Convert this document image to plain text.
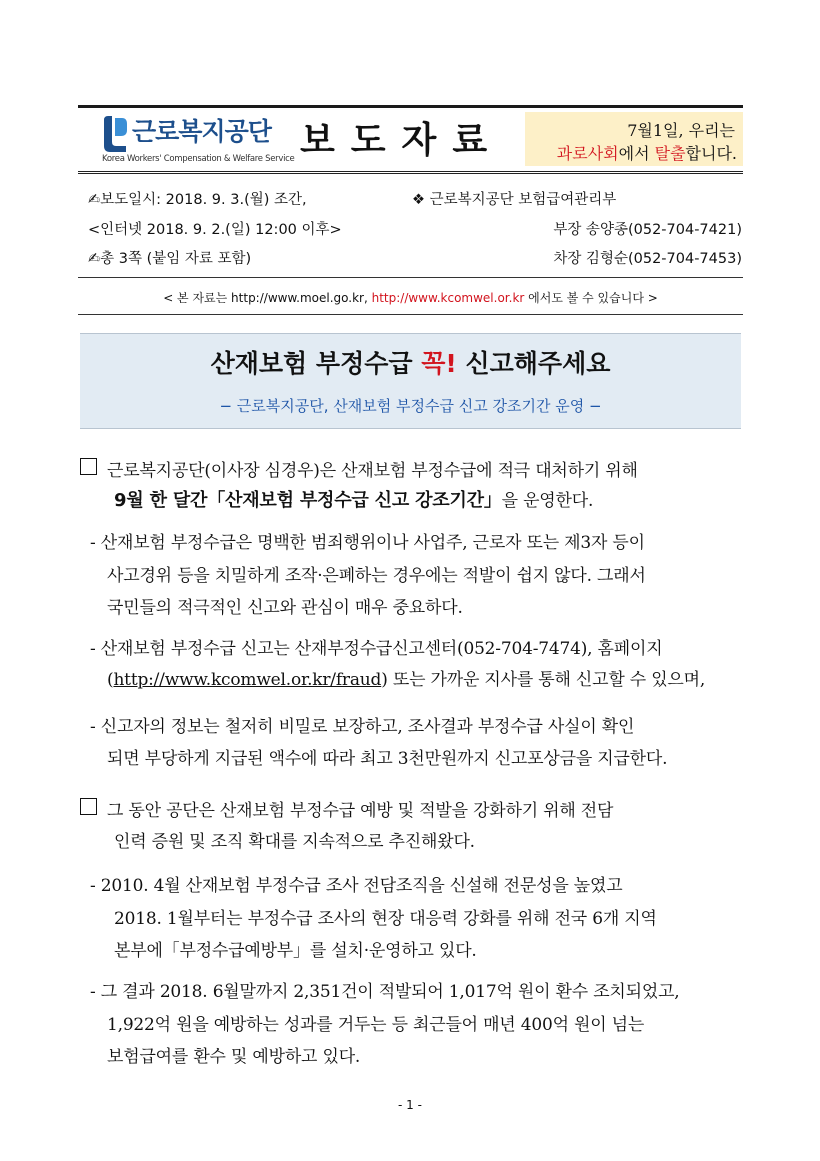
근로복지공단
Korea Workers' Compensation & Welfare Service 보도자료	7월1일, 우리는
과로사회에서 탈출합니다.
✍보도일시: 2018. 9. 3.(월) 조간,
<인터넷 2018. 9. 2.(일) 12:00 이후>
✍총 3쪽 (붙임 자료 포함)
❖ 근로복지공단 보험급여관리부
부장 송양종(052-704-7421)
차장 김형순(052-704-7453)
< 본 자료는 http://www.moel.go.kr, http://www.kcomwel.or.kr 에서도 볼 수 있습니다 >
산재보험 부정수급 꼭! 신고해주세요
− 근로복지공단, 산재보험 부정수급 신고 강조기간 운영 −
근로복지공단(이사장 심경우)은 산재보험 부정수급에 적극 대처하기 위해
9월 한 달간「산재보험 부정수급 신고 강조기간」을 운영한다.
- 산재보험 부정수급은 명백한 범죄행위이나 사업주, 근로자 또는 제3자 등이
사고경위 등을 치밀하게 조작·은폐하는 경우에는 적발이 쉽지 않다. 그래서
국민들의 적극적인 신고와 관심이 매우 중요하다.
- 산재보험 부정수급 신고는 산재부정수급신고센터(052-704-7474), 홈페이지
(http://www.kcomwel.or.kr/fraud) 또는 가까운 지사를 통해 신고할 수 있으며,
- 신고자의 정보는 철저히 비밀로 보장하고, 조사결과 부정수급 사실이 확인
되면 부당하게 지급된 액수에 따라 최고 3천만원까지 신고포상금을 지급한다.
그 동안 공단은 산재보험 부정수급 예방 및 적발을 강화하기 위해 전담
인력 증원 및 조직 확대를 지속적으로 추진해왔다.
- 2010. 4월 산재보험 부정수급 조사 전담조직을 신설해 전문성을 높였고
2018. 1월부터는 부정수급 조사의 현장 대응력 강화를 위해 전국 6개 지역
본부에「부정수급예방부」를 설치·운영하고 있다.
- 그 결과 2018. 6월말까지 2,351건이 적발되어 1,017억 원이 환수 조치되었고,
1,922억 원을 예방하는 성과를 거두는 등 최근들어 매년 400억 원이 넘는
보험급여를 환수 및 예방하고 있다.
- 1 -
